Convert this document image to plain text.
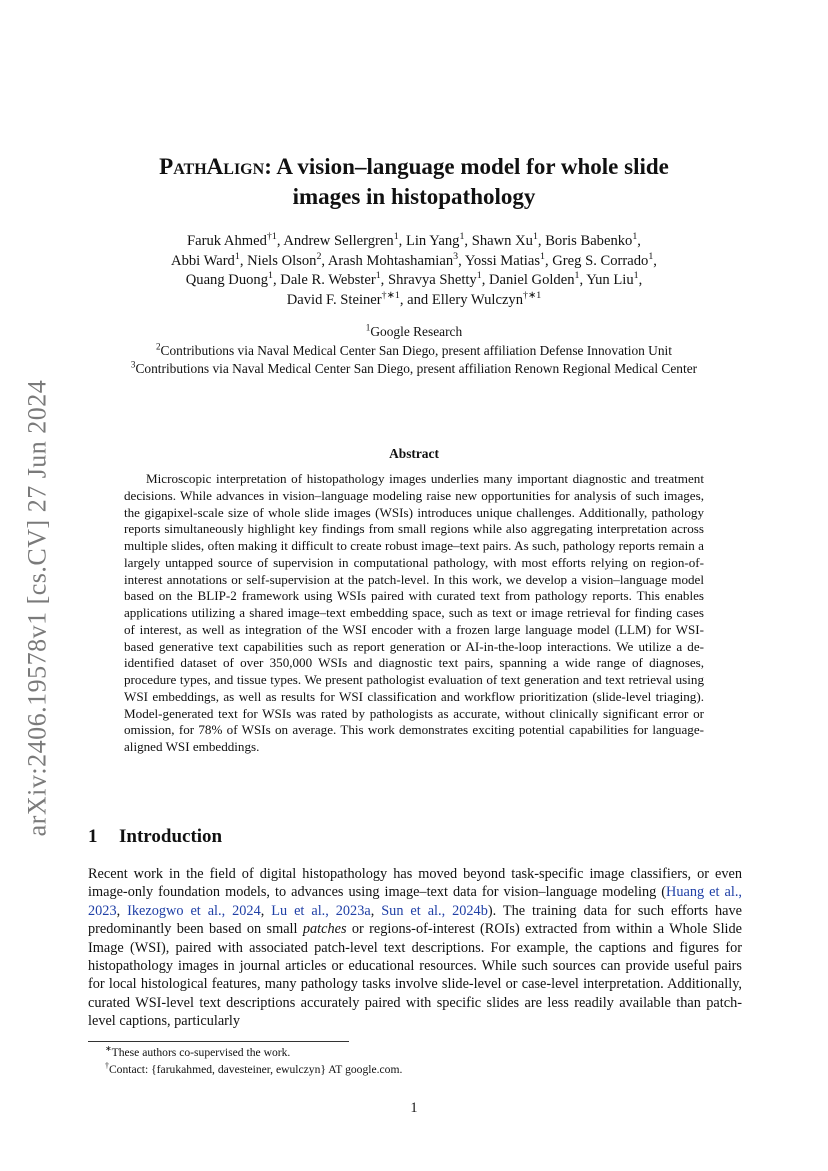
arXiv:2406.19578v1 [cs.CV] 27 Jun 2024
PathAlign: A vision–language model for whole slide
images in histopathology
Faruk Ahmed$^{\dagger 1}$, Andrew Sellergren$^1$, Lin Yang$^1$, Shawn Xu$^1$, Boris Babenko$^1$,
Abbi Ward$^1$, Niels Olson$^2$, Arash Mohtashamian$^3$, Yossi Matias$^1$, Greg S. Corrado$^1$,
Quang Duong$^1$, Dale R. Webster$^1$, Shravya Shetty$^1$, Daniel Golden$^1$, Yun Liu$^1$,
David F. Steiner$^{\dagger∗1}$, and Ellery Wulczyn$^{\dagger∗1}$
$^1$Google Research
$^2$Contributions via Naval Medical Center San Diego, present affiliation Defense Innovation Unit
$^3$Contributions via Naval Medical Center San Diego, present affiliation Renown Regional Medical Center
Abstract

Microscopic interpretation of histopathology images underlies many important diagnostic and treatment decisions. While advances in vision–language modeling raise new opportunities for analysis of such images, the gigapixel-scale size of whole slide images (WSIs) introduces unique challenges. Additionally, pathology reports simultaneously highlight key findings from small regions while also aggregating interpretation across multiple slides, often making it difficult to create robust image–text pairs. As such, pathology reports remain a largely untapped source of supervision in computational pathology, with most efforts relying on region-of-interest annotations or self-supervision at the patch-level. In this work, we develop a vision–language model based on the BLIP-2 framework using WSIs paired with curated text from pathology reports. This enables applications utilizing a shared image–text embedding space, such as text or image retrieval for finding cases of interest, as well as integration of the WSI encoder with a frozen large language model (LLM) for WSI-based generative text capabilities such as report generation or AI-in-the-loop interactions. We utilize a de-identified dataset of over 350,000 WSIs and diagnostic text pairs, spanning a wide range of diagnoses, procedure types, and tissue types. We present pathologist evaluation of text generation and text retrieval using WSI embeddings, as well as results for WSI classification and workflow prioritization (slide-level triaging). Model-generated text for WSIs was rated by pathologists as accurate, without clinically significant error or omission, for 78% of WSIs on average. This work demonstrates exciting potential capabilities for language-aligned WSI embeddings.

1 Introduction

Recent work in the field of digital histopathology has moved beyond task-specific image classifiers, or even image-only foundation models, to advances using image–text data for vision–language modeling (Huang et al., 2023, Ikezogwo et al., 2024, Lu et al., 2023a, Sun et al., 2024b). The training data for such efforts have predominantly been based on small patches or regions-of-interest (ROIs) extracted from within a Whole Slide Image (WSI), paired with associated patch-level text descriptions. For example, the captions and figures for histopathology images in journal articles or educational resources. While such sources can provide useful pairs for local histological features, many pathology tasks involve slide-level or case-level interpretation. Additionally, curated WSI-level text descriptions accurately paired with specific slides are less readily available than patch-level captions, particularly

∗These authors co-supervised the work.
†Contact: {farukahmed, davesteiner, ewulczyn} AT google.com.
1
